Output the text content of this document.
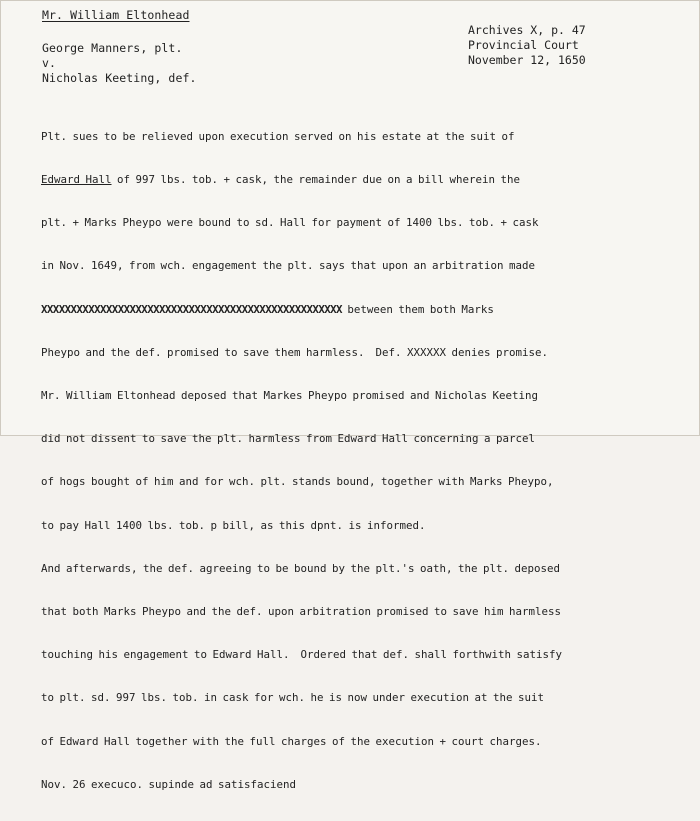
Mr. William Eltonhead
George Manners, plt.
v.
Nicholas Keeting, def.
Archives X, p. 47
Provincial Court
November 12, 1650

Plt. sues to be relieved upon execution served on his estate at the suit of

Edward Hall of 997 lbs. tob. + cask, the remainder due on a bill wherein the

plt. + Marks Pheypo were bound to sd. Hall for payment of 1400 lbs. tob. + cask

in Nov. 1649, from wch. engagement the plt. says that upon an arbitration made

XXXXXXXXXXXXXXXXXXXXXXXXXXXXXXXXXXXXXXXXXXXXXXXXXXX between them both Marks

Pheypo and the def. promised to save them harmless.  Def. XXXXXX denies promise.

Mr. William Eltonhead deposed that Markes Pheypo promised and Nicholas Keeting

did not dissent to save the plt. harmless from Edward Hall concerning a parcel

of hogs bought of him and for wch. plt. stands bound, together with Marks Pheypo,

to pay Hall 1400 lbs. tob. p bill, as this dpnt. is informed.

And afterwards, the def. agreeing to be bound by the plt.'s oath, the plt. deposed

that both Marks Pheypo and the def. upon arbitration promised to save him harmless

touching his engagement to Edward Hall.  Ordered that def. shall forthwith satisfy

to plt. sd. 997 lbs. tob. in cask for wch. he is now under execution at the suit

of Edward Hall together with the full charges of the execution + court charges.

Nov. 26 execuco. supinde ad satisfaciend
